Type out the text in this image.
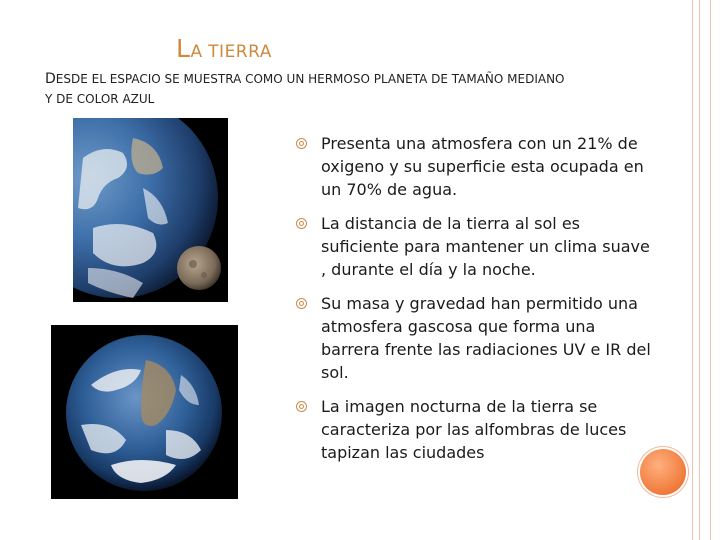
LA TIERRA
DESDE EL ESPACIO SE MUESTRA COMO UN HERMOSO PLANETA DE TAMAÑO MEDIANO
Y DE COLOR AZUL
Presenta una atmosfera con un 21% de oxigeno y su superficie esta ocupada en un 70% de agua.
La distancia de la tierra al sol es suficiente para mantener un clima suave , durante el día y la noche.
Su masa y gravedad han permitido una atmosfera gascosa que forma una barrera frente las radiaciones UV e IR del sol.
La imagen nocturna de la tierra se caracteriza por las alfombras de luces tapizan las ciudades
